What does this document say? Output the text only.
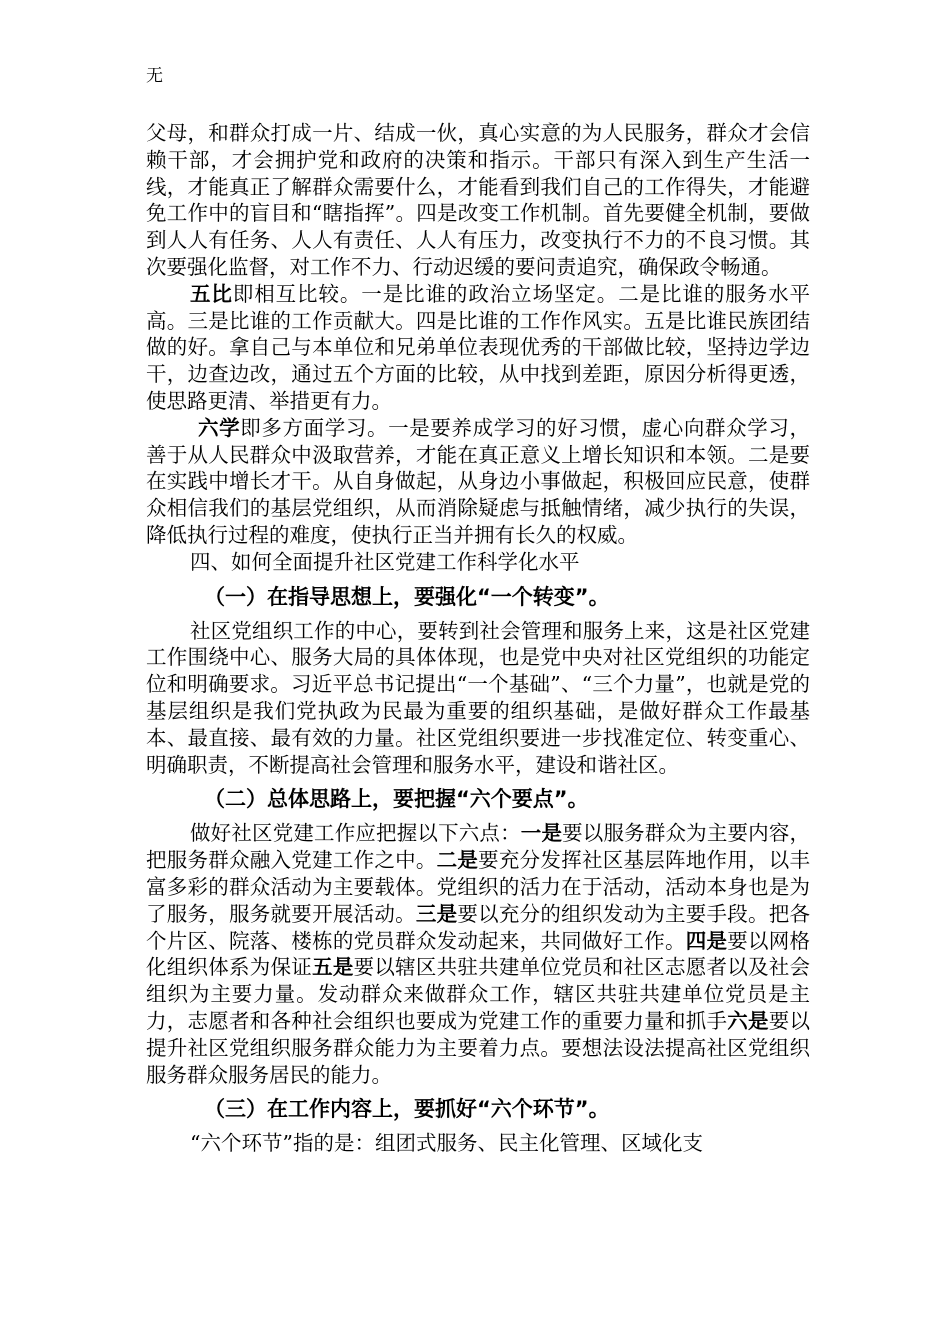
无

父母，和群众打成一片、结成一伙，真心实意的为人民服务，群众才会信赖干部，才会拥护党和政府的决策和指示。干部只有深入到生产生活一线，才能真正了解群众需要什么，才能看到我们自己的工作得失，才能避免工作中的盲目和“瞎指挥”。四是改变工作机制。首先要健全机制，要做到人人有任务、人人有责任、人人有压力，改变执行不力的不良习惯。其次要强化监督，对工作不力、行动迟缓的要问责追究，确保政令畅通。

五比即相互比较。一是比谁的政治立场坚定。二是比谁的服务水平高。三是比谁的工作贡献大。四是比谁的工作作风实。五是比谁民族团结做的好。拿自己与本单位和兄弟单位表现优秀的干部做比较，坚持边学边干，边查边改，通过五个方面的比较，从中找到差距，原因分析得更透，使思路更清、举措更有力。

六学即多方面学习。一是要养成学习的好习惯，虚心向群众学习，善于从人民群众中汲取营养，才能在真正意义上增长知识和本领。二是要在实践中增长才干。从自身做起，从身边小事做起，积极回应民意，使群众相信我们的基层党组织，从而消除疑虑与抵触情绪，减少执行的失误，降低执行过程的难度，使执行正当并拥有长久的权威。

四、如何全面提升社区党建工作科学化水平

（一）在指导思想上，要强化“一个转变”。

社区党组织工作的中心，要转到社会管理和服务上来，这是社区党建工作围绕中心、服务大局的具体体现，也是党中央对社区党组织的功能定位和明确要求。习近平总书记提出“一个基础”、“三个力量”，也就是党的基层组织是我们党执政为民最为重要的组织基础，是做好群众工作最基本、最直接、最有效的力量。社区党组织要进一步找准定位、转变重心、明确职责，不断提高社会管理和服务水平，建设和谐社区。

（二）总体思路上，要把握“六个要点”。

做好社区党建工作应把握以下六点：一是要以服务群众为主要内容，把服务群众融入党建工作之中。二是要充分发挥社区基层阵地作用，以丰富多彩的群众活动为主要载体。党组织的活力在于活动，活动本身也是为了服务，服务就要开展活动。三是要以充分的组织发动为主要手段。把各个片区、院落、楼栋的党员群众发动起来，共同做好工作。四是要以网格化组织体系为保证五是要以辖区共驻共建单位党员和社区志愿者以及社会组织为主要力量。发动群众来做群众工作，辖区共驻共建单位党员是主力，志愿者和各种社会组织也要成为党建工作的重要力量和抓手六是要以提升社区党组织服务群众能力为主要着力点。要想法设法提高社区党组织服务群众服务居民的能力。

（三）在工作内容上，要抓好“六个环节”。

“六个环节”指的是：组团式服务、民主化管理、区域化支
